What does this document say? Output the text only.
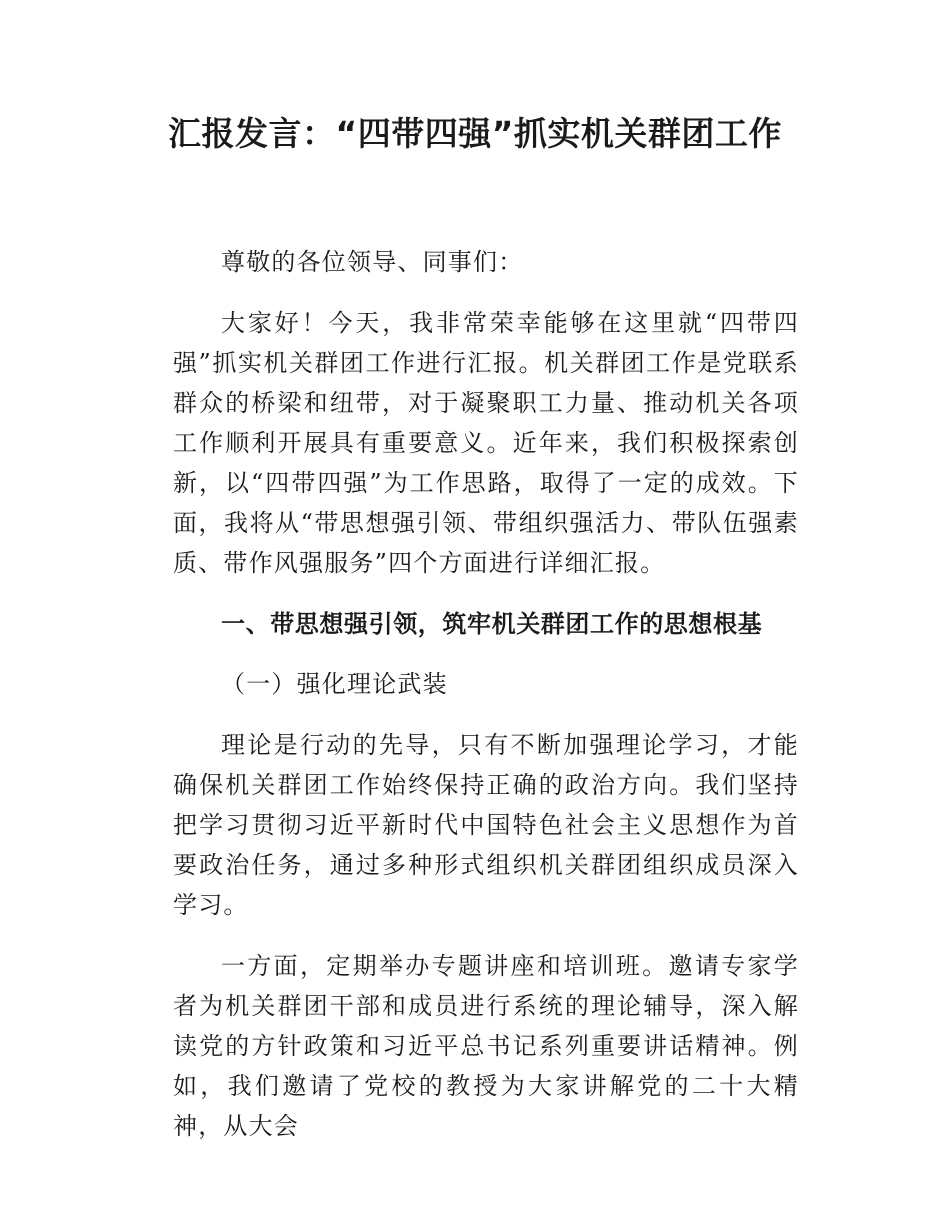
汇报发言：“四带四强”抓实机关群团工作

尊敬的各位领导、同事们：

大家好！今天，我非常荣幸能够在这里就“四带四强”抓实机关群团工作进行汇报。机关群团工作是党联系群众的桥梁和纽带，对于凝聚职工力量、推动机关各项工作顺利开展具有重要意义。近年来，我们积极探索创新，以“四带四强”为工作思路，取得了一定的成效。下面，我将从“带思想强引领、带组织强活力、带队伍强素质、带作风强服务”四个方面进行详细汇报。

一、带思想强引领，筑牢机关群团工作的思想根基

（一）强化理论武装

理论是行动的先导，只有不断加强理论学习，才能确保机关群团工作始终保持正确的政治方向。我们坚持把学习贯彻习近平新时代中国特色社会主义思想作为首要政治任务，通过多种形式组织机关群团组织成员深入学习。

一方面，定期举办专题讲座和培训班。邀请专家学者为机关群团干部和成员进行系统的理论辅导，深入解读党的方针政策和习近平总书记系列重要讲话精神。例如，我们邀请了党校的教授为大家讲解党的二十大精神，从大会
